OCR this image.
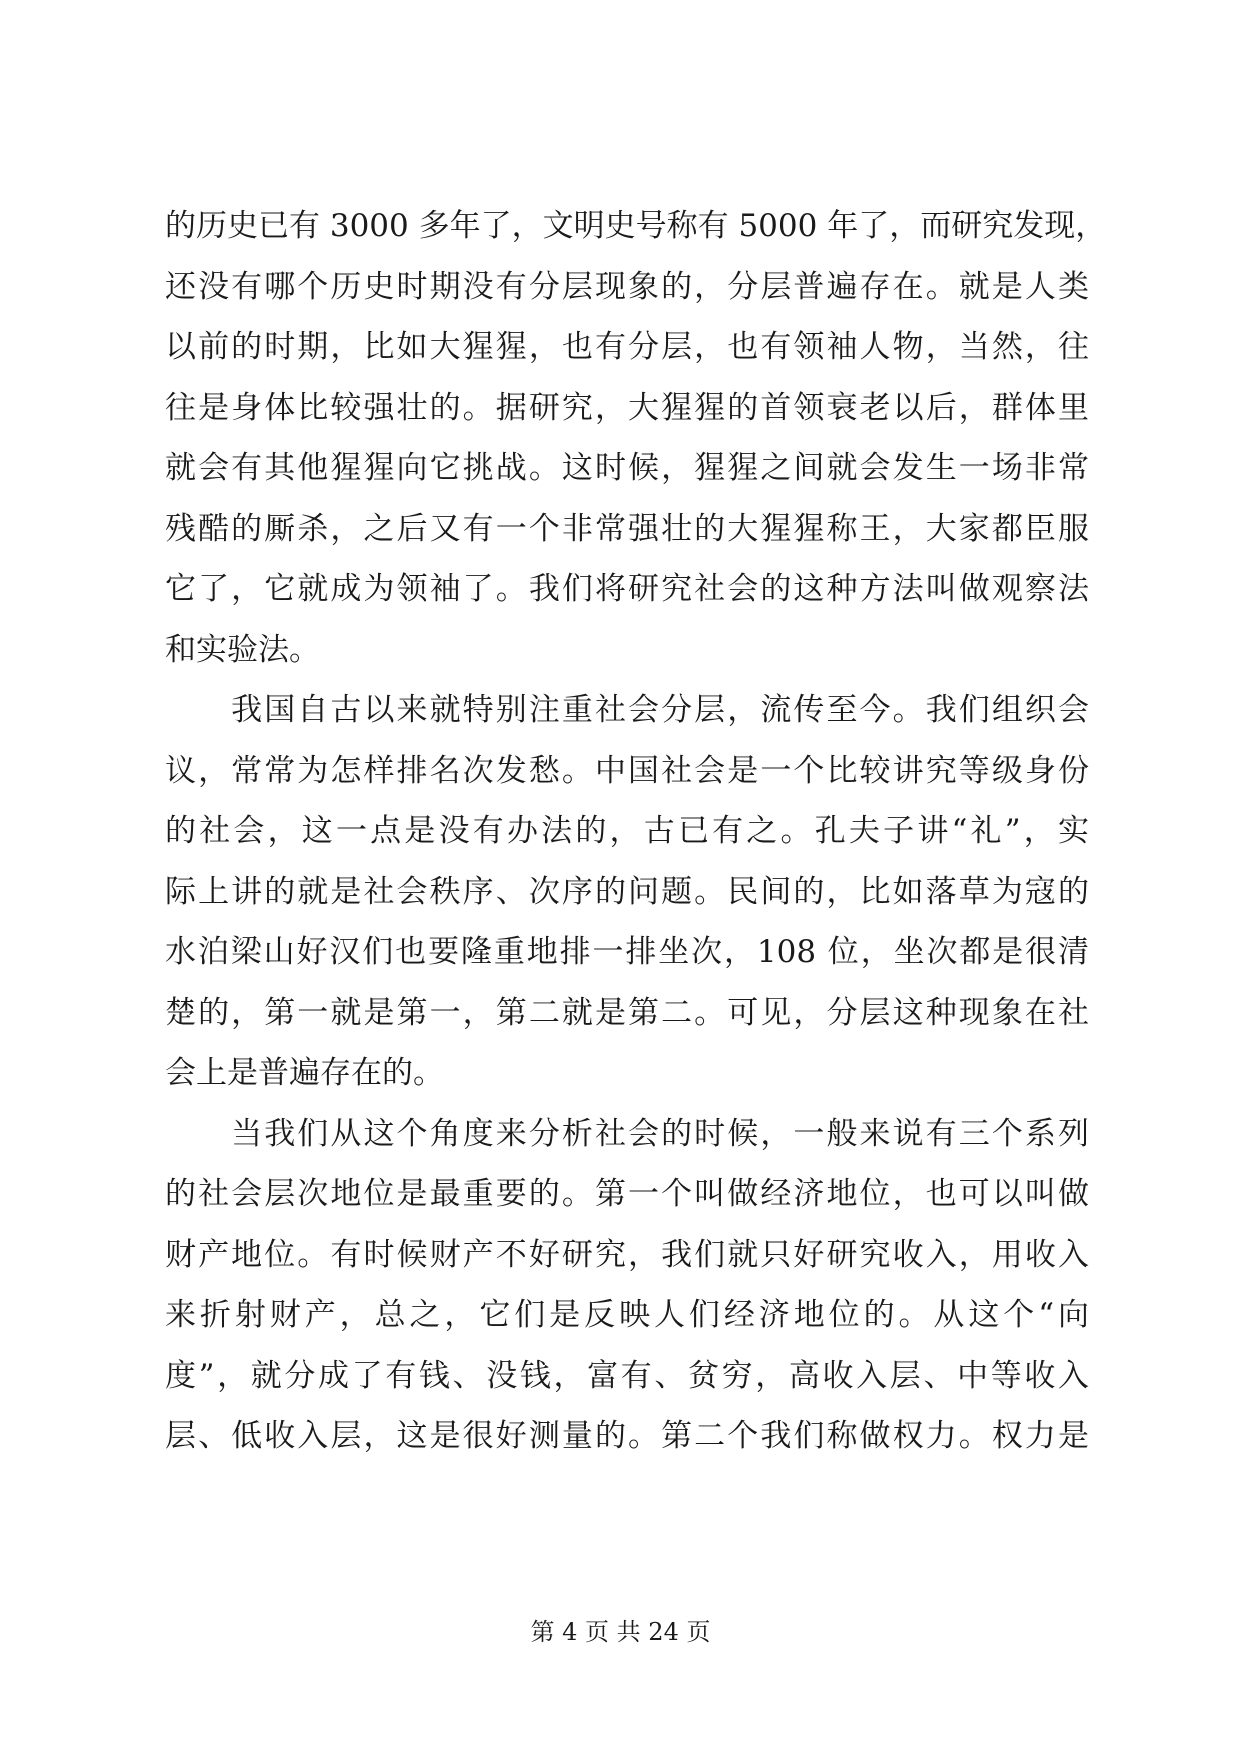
的历史已有 3000 多年了，文明史号称有 5000 年了，而研究发现，
还没有哪个历史时期没有分层现象的，分层普遍存在。就是人类
以前的时期，比如大猩猩，也有分层，也有领袖人物，当然，往
往是身体比较强壮的。据研究，大猩猩的首领衰老以后，群体里
就会有其他猩猩向它挑战。这时候，猩猩之间就会发生一场非常
残酷的厮杀，之后又有一个非常强壮的大猩猩称王，大家都臣服
它了，它就成为领袖了。我们将研究社会的这种方法叫做观察法
和实验法。
　　我国自古以来就特别注重社会分层，流传至今。我们组织会
议，常常为怎样排名次发愁。中国社会是一个比较讲究等级身份
的社会，这一点是没有办法的，古已有之。孔夫子讲“礼”，实
际上讲的就是社会秩序、次序的问题。民间的，比如落草为寇的
水泊梁山好汉们也要隆重地排一排坐次，108 位，坐次都是很清
楚的，第一就是第一，第二就是第二。可见，分层这种现象在社
会上是普遍存在的。
　　当我们从这个角度来分析社会的时候，一般来说有三个系列
的社会层次地位是最重要的。第一个叫做经济地位，也可以叫做
财产地位。有时候财产不好研究，我们就只好研究收入，用收入
来折射财产，总之，它们是反映人们经济地位的。从这个“向
度”，就分成了有钱、没钱，富有、贫穷，高收入层、中等收入
层、低收入层，这是很好测量的。第二个我们称做权力。权力是
第 4 页 共 24 页
